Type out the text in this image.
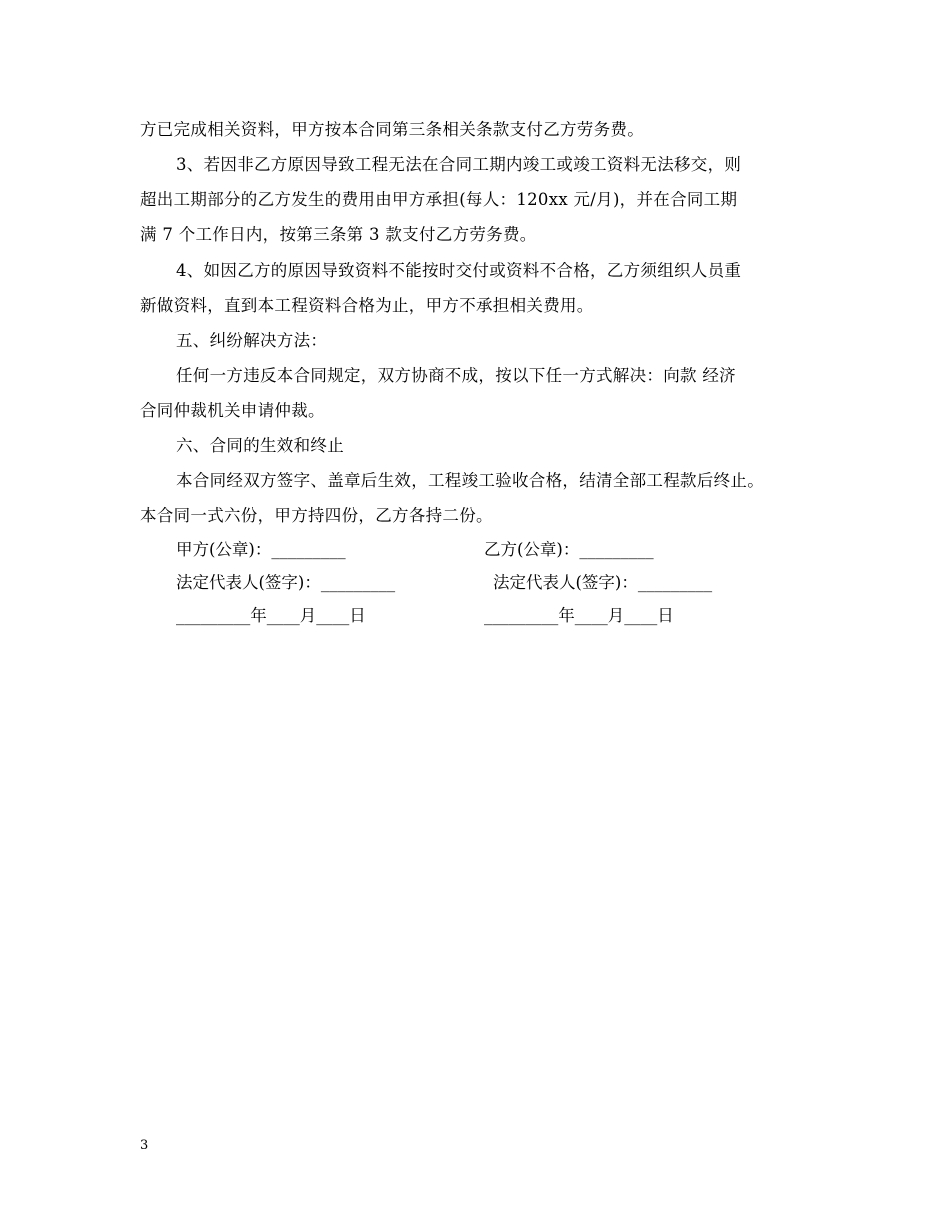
方已完成相关资料，甲方按本合同第三条相关条款支付乙方劳务费。
3、若因非乙方原因导致工程无法在合同工期内竣工或竣工资料无法移交，则
超出工期部分的乙方发生的费用由甲方承担(每人：120xx 元/月)，并在合同工期
满 7 个工作日内，按第三条第 3 款支付乙方劳务费。
4、如因乙方的原因导致资料不能按时交付或资料不合格，乙方须组织人员重
新做资料，直到本工程资料合格为止，甲方不承担相关费用。
五、纠纷解决方法：
任何一方违反本合同规定，双方协商不成，按以下任一方式解决：向款 经济
合同仲裁机关申请仲裁。
六、合同的生效和终止
本合同经双方签字、盖章后生效，工程竣工验收合格，结清全部工程款后终止。
本合同一式六份，甲方持四份，乙方各持二份。
甲方(公章)：_________	乙方(公章)：_________
法定代表人(签字)：_________	法定代表人(签字)：_________
_________年____月____日	_________年____月____日
3
